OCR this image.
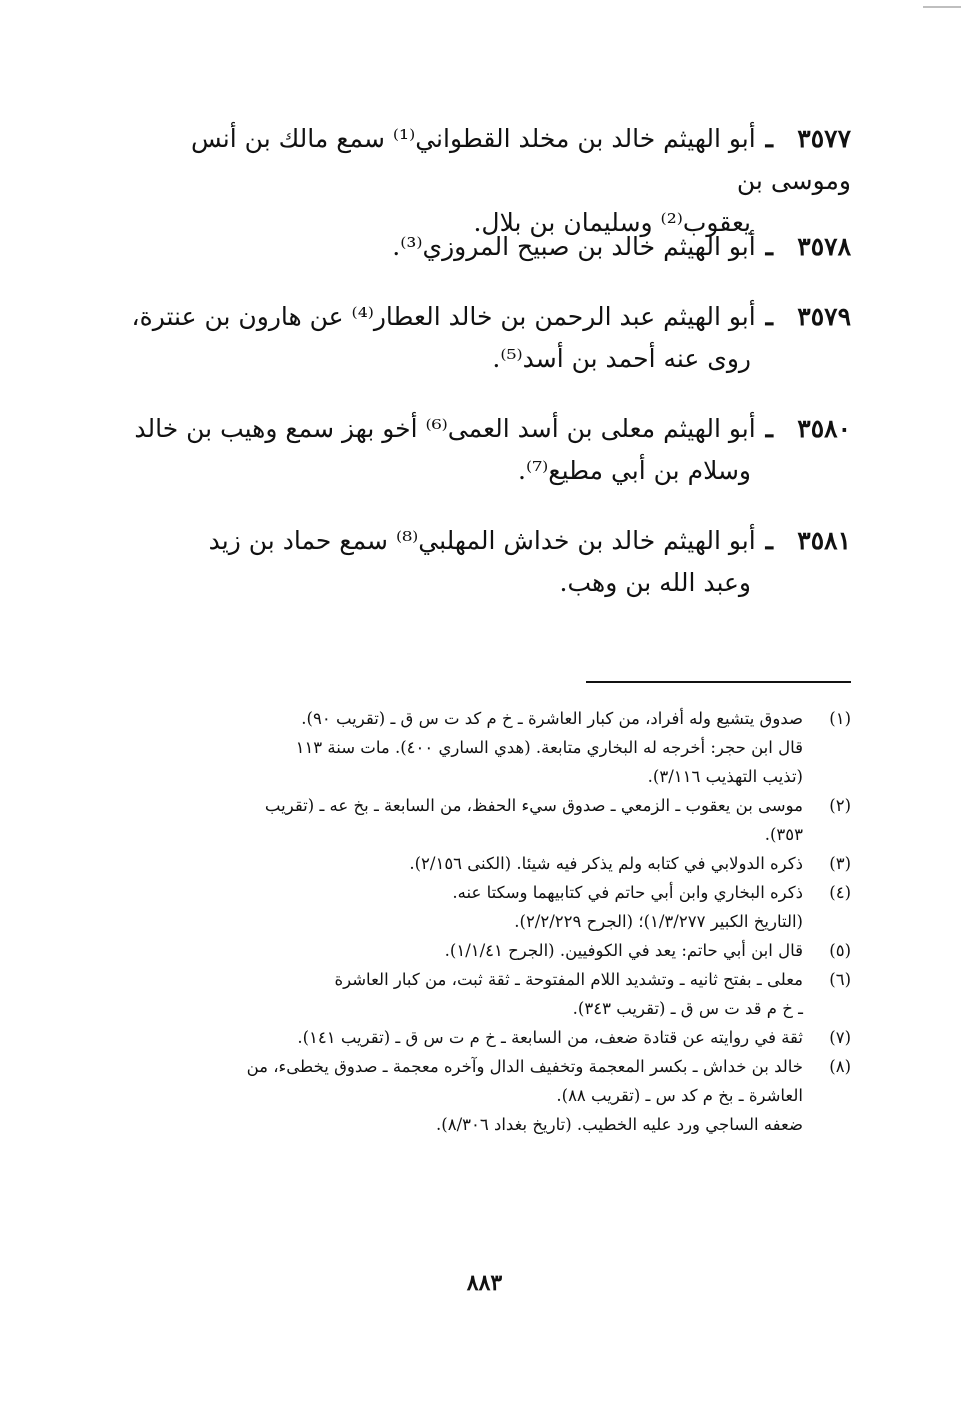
٣٥٧٧ـأبو الهيثم خالد بن مخلد القطواني⁽¹⁾ سمع مالك بن أنس وموسى بن
يعقوب⁽²⁾ وسليمان بن بلال.
٣٥٧٨ـأبو الهيثم خالد بن صبيح المروزي⁽³⁾.
٣٥٧٩ـأبو الهيثم عبد الرحمن بن خالد العطار⁽⁴⁾ عن هارون بن عنترة،
روى عنه أحمد بن أسد⁽⁵⁾.
٣٥٨٠ـأبو الهيثم معلى بن أسد العمى⁽⁶⁾ أخو بهز سمع وهيب بن خالد
وسلام بن أبي مطيع⁽⁷⁾.
٣٥٨١ـأبو الهيثم خالد بن خداش المهلبي⁽⁸⁾ سمع حماد بن زيد
وعبد الله بن وهب.
(١)
صدوق يتشيع وله أفراد، من كبار العاشرة ـ خ م كد ت س ق ـ (تقريب ٩٠).
قال ابن حجر: أخرجه له البخاري متابعة. (هدي الساري ٤٠٠). مات سنة ١١٣
(تذيب التهذيب ٣/١١٦).
(٢)
موسى بن يعقوب ـ الزمعي ـ صدوق سيء الحفظ، من السابعة ـ بخ عه ـ (تقريب
٣٥٣).
(٣)
ذكره الدولابي في كتابه ولم يذكر فيه شيئا. (الكنى ٢/١٥٦).
(٤)
ذكره البخاري وابن أبي حاتم في كتابيهما وسكتا عنه.
(التاريخ الكبير ١/٣/٢٧٧)؛ (الجرح ٢/٢/٢٢٩).
(٥)
قال ابن أبي حاتم: يعد في الكوفيين. (الجرح ١/١/٤١).
(٦)
معلى ـ بفتح ثانيه ـ وتشديد اللام المفتوحة ـ ثقة ثبت، من كبار العاشرة
ـ خ م قد ت س ق ـ (تقريب ٣٤٣).
(٧)
ثقة في روايته عن قتادة ضعف، من السابعة ـ خ م ت س ق ـ (تقريب ١٤١).
(٨)
خالد بن خداش ـ بكسر المعجمة وتخفيف الدال وآخره معجمة ـ صدوق يخطىء، من
العاشرة ـ بخ م كد س ـ (تقريب ٨٨).
ضعفه الساجي ورد عليه الخطيب. (تاريخ بغداد ٨/٣٠٦).
٨٨٣
